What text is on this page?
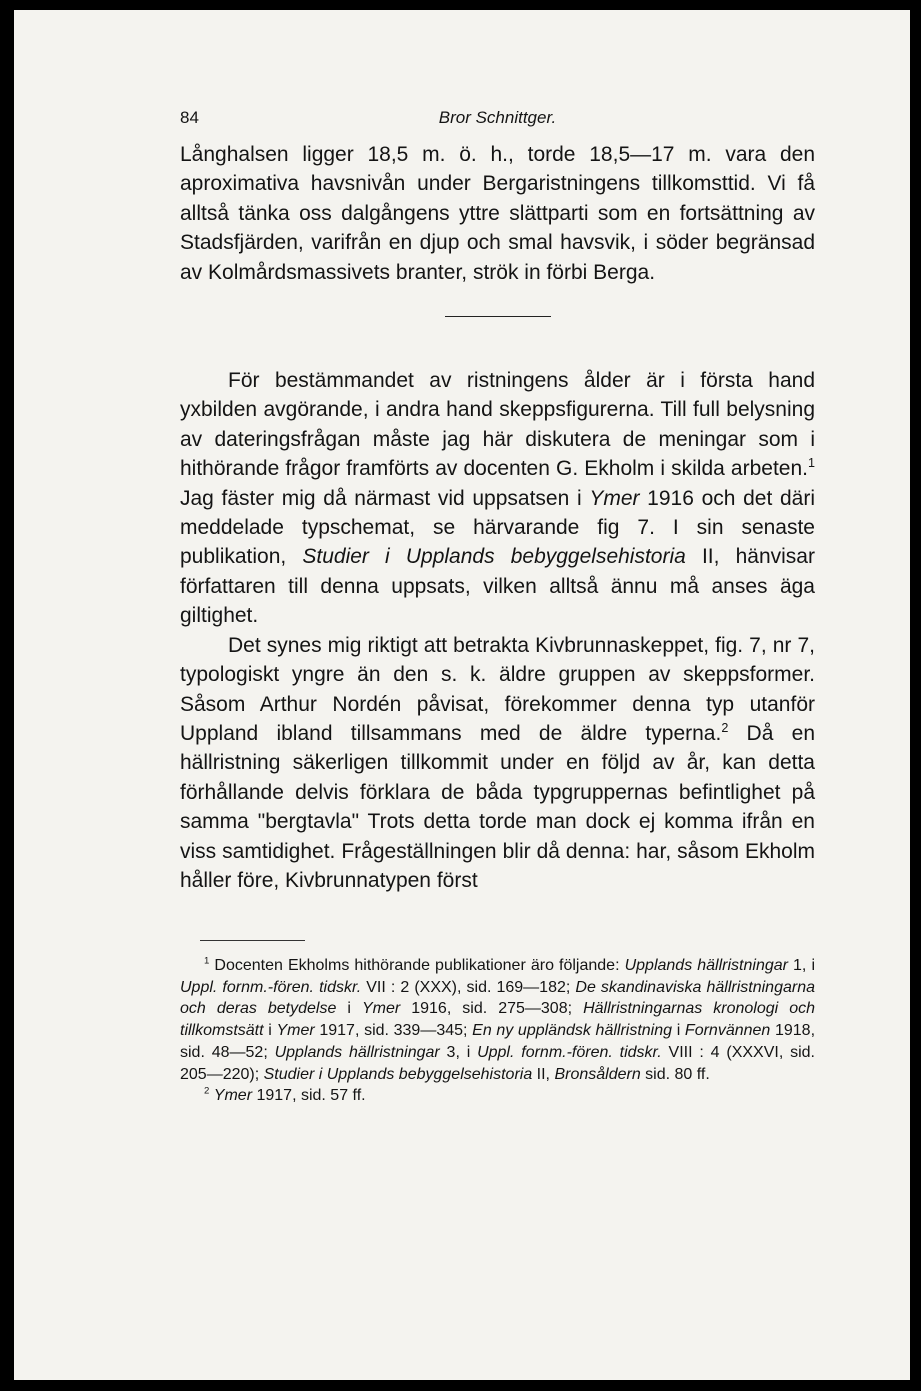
84	Bror Schnittger.

Långhalsen ligger 18,5 m. ö. h., torde 18,5—17 m. vara den aproximativa havsnivån under Bergaristningens tillkomsttid. Vi få alltså tänka oss dalgångens yttre slättparti som en fortsättning av Stadsfjärden, varifrån en djup och smal havsvik, i söder begränsad av Kolmårdsmassivets branter, strök in förbi Berga.

För bestämmandet av ristningens ålder är i första hand yxbilden avgörande, i andra hand skeppsfigurerna. Till full belysning av dateringsfrågan måste jag här diskutera de meningar som i hithörande frågor framförts av docenten G. Ekholm i skilda arbeten.$^1$ Jag fäster mig då närmast vid uppsatsen i Ymer 1916 och det däri meddelade typschemat, se härvarande fig 7. I sin senaste publikation, Studier i Upplands bebyggelsehistoria II, hänvisar författaren till denna uppsats, vilken alltså ännu må anses äga giltighet.

Det synes mig riktigt att betrakta Kivbrunnaskeppet, fig. 7, nr 7, typologiskt yngre än den s. k. äldre gruppen av skeppsformer. Såsom Arthur Nordén påvisat, förekommer denna typ utanför Uppland ibland tillsammans med de äldre typerna.$^2$ Då en hällristning säkerligen tillkommit under en följd av år, kan detta förhållande delvis förklara de båda typgruppernas befintlighet på samma "bergtavla" Trots detta torde man dock ej komma ifrån en viss samtidighet. Frågeställningen blir då denna: har, såsom Ekholm håller före, Kivbrunnatypen först

$^1$ Docenten Ekholms hithörande publikationer äro följande: Upplands hällristningar 1, i Uppl. fornm.-fören. tidskr. VII : 2 (XXX), sid. 169—182; De skandinaviska hällristningarna och deras betydelse i Ymer 1916, sid. 275—308; Hällristningarnas kronologi och tillkomstsätt i Ymer 1917, sid. 339—345; En ny uppländsk hällristning i Fornvännen 1918, sid. 48—52; Upplands hällristningar 3, i Uppl. fornm.-fören. tidskr. VIII : 4 (XXXVI, sid. 205—220); Studier i Upplands bebyggelsehistoria II, Bronsåldern sid. 80 ff.

$^2$ Ymer 1917, sid. 57 ff.
